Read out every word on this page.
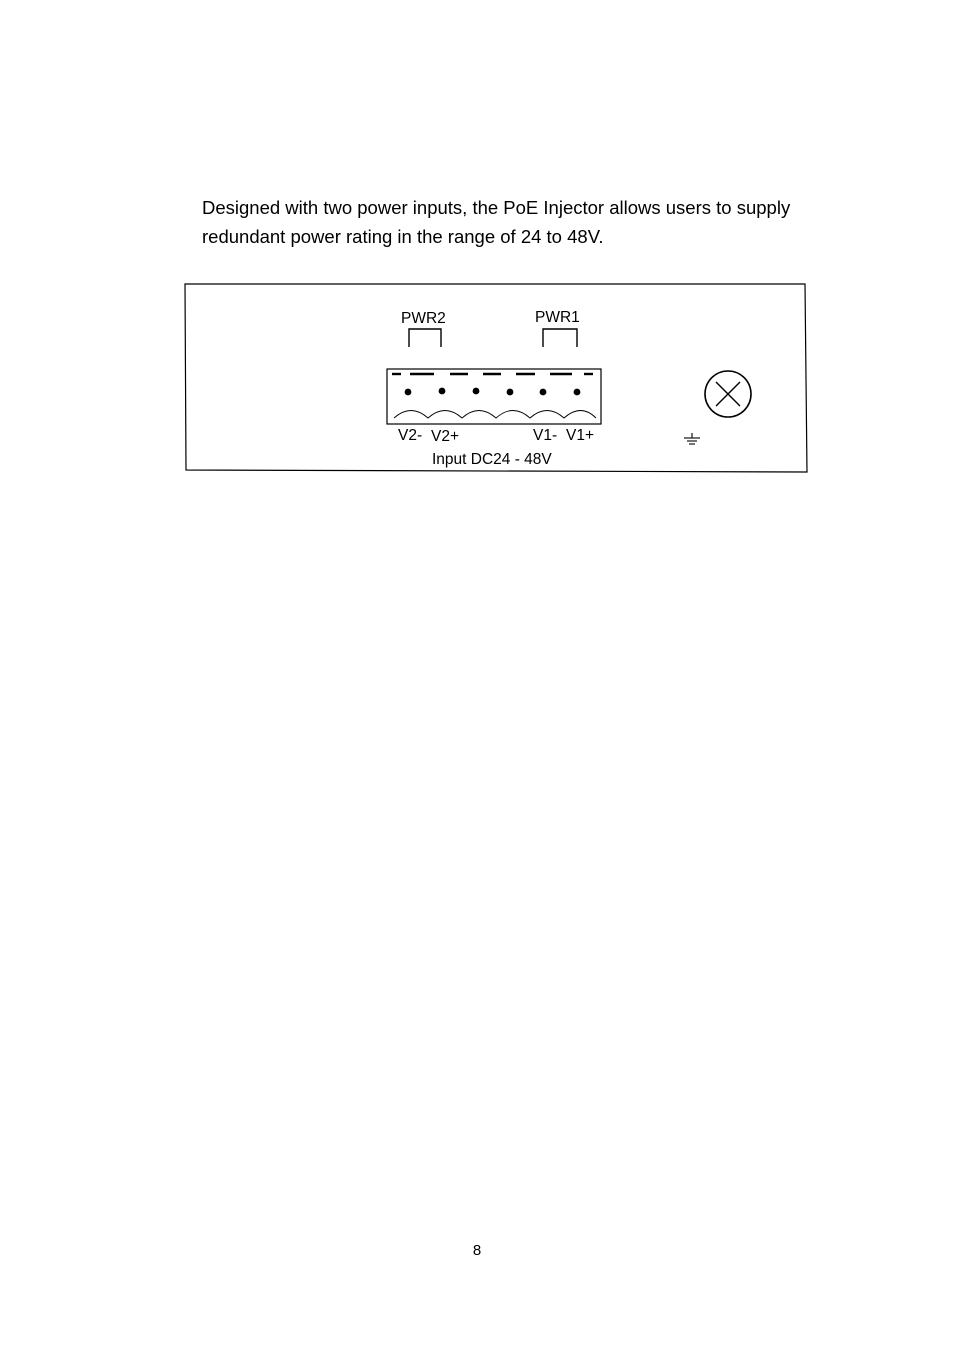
Designed with two power inputs, the PoE Injector allows users to supply
redundant power rating in the range of 24 to 48V.

PWR2	PWR1
V2- V2+	V1- V1+
Input DC24 - 48V
8
